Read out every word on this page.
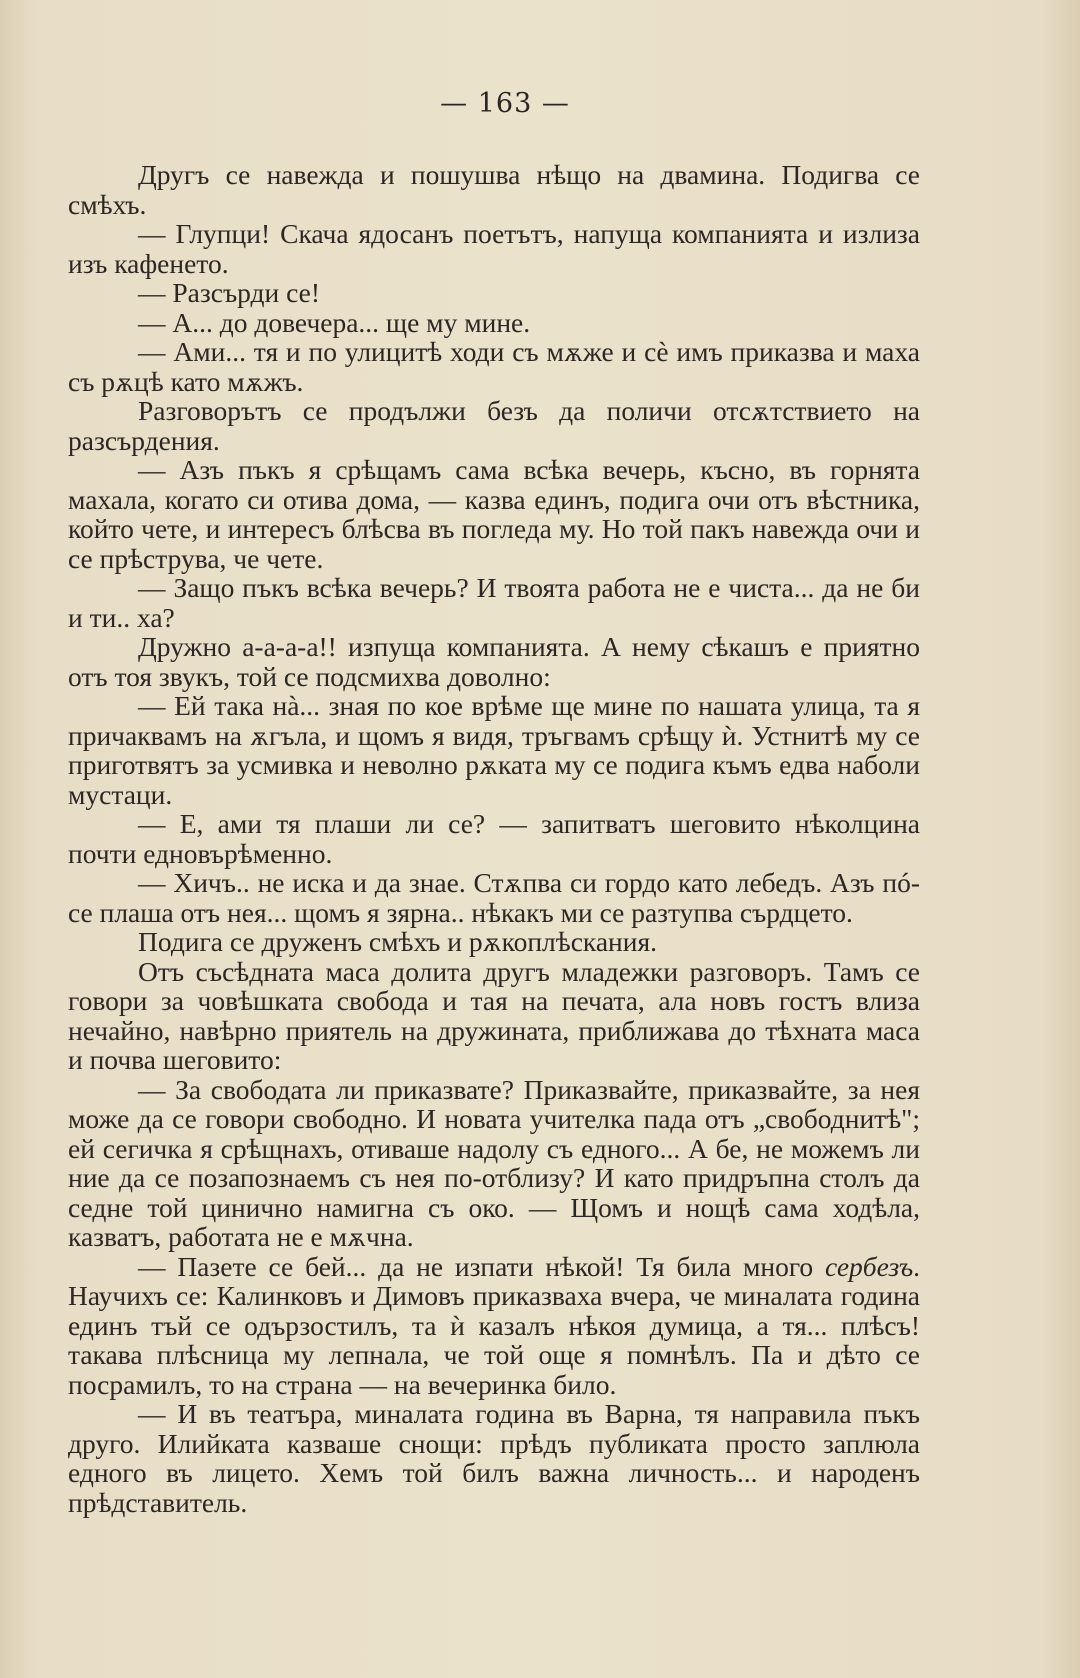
— 163 —

Другъ се навежда и пошушва нѣщо на двамина. Подигва се смѣхъ.

— Глупци! Скача ядосанъ поетътъ, напуща компанията и излиза изъ кафенето.

— Разсърди се!

— А... до довечера... ще му мине.

— Ами... тя и по улицитѣ ходи съ мѫже и сѐ имъ приказва и маха съ рѫцѣ като мѫжъ.

Разговорътъ се продължи безъ да поличи отсѫтствието на разсърдения.

— Азъ пъкъ я срѣщамъ сама всѣка вечерь, късно, въ горнята махала, когато си отива дома, — казва единъ, подига очи отъ вѣстника, който чете, и интересъ блѣсва въ погледа му. Но той пакъ навежда очи и се прѣструва, че чете.

— Защо пъкъ всѣка вечерь? И твоята работа не е чиста... да не би и ти.. ха?

Дружно а-а-а-а!! изпуща компанията. А нему сѣкашъ е приятно отъ тоя звукъ, той се подсмихва доволно:

— Ей така нà... зная по кое врѣме ще мине по нашата улица, та я причаквамъ на ѫгъла, и щомъ я видя, тръгвамъ срѣщу ѝ. Устнитѣ му се приготвятъ за усмивка и неволно рѫката му се подига къмъ едва наболи мустаци.

— Е, ами тя плаши ли се? — запитватъ шеговито нѣколцина почти едновърѣменно.

— Хичъ.. не иска и да знае. Стѫпва си гордо като лебедъ. Азъ пó-се плаша отъ нея... щомъ я зярна.. нѣкакъ ми се разтупва сърдцето.

Подига се друженъ смѣхъ и рѫкоплѣскания.

Отъ съсѣдната маса долита другъ младежки разговоръ. Тамъ се говори за човѣшката свобода и тая на печата, ала новъ гостъ влиза нечайно, навѣрно приятель на дружината, приближава до тѣхната маса и почва шеговито:

— За свободата ли приказвате? Приказвайте, приказвайте, за нея може да се говори свободно. И новата учителка пада отъ „свободнитѣ"; ей сегичка я срѣщнахъ, отиваше надолу съ едного... А бе, не можемъ ли ние да се позапознаемъ съ нея по-отблизу? И като придръпна столъ да седне той цинично намигна съ око. — Щомъ и нощѣ сама ходѣла, казватъ, работата не е мѫчна.

— Пазете се бей... да не изпати нѣкой! Тя била много сербезъ. Научихъ се: Калинковъ и Димовъ приказваха вчера, че миналата година единъ тъй се одързостилъ, та ѝ казалъ нѣкоя думица, а тя... плѣсъ! такава плѣсница му лепнала, че той още я помнѣлъ. Па и дѣто се посрамилъ, то на страна — на вечеринка било.

— И въ театъра, миналата година въ Варна, тя направила пъкъ друго. Илийката казваше снощи: прѣдъ публиката просто заплюла едного въ лицето. Хемъ той билъ важна личность... и народенъ прѣдставитель.
